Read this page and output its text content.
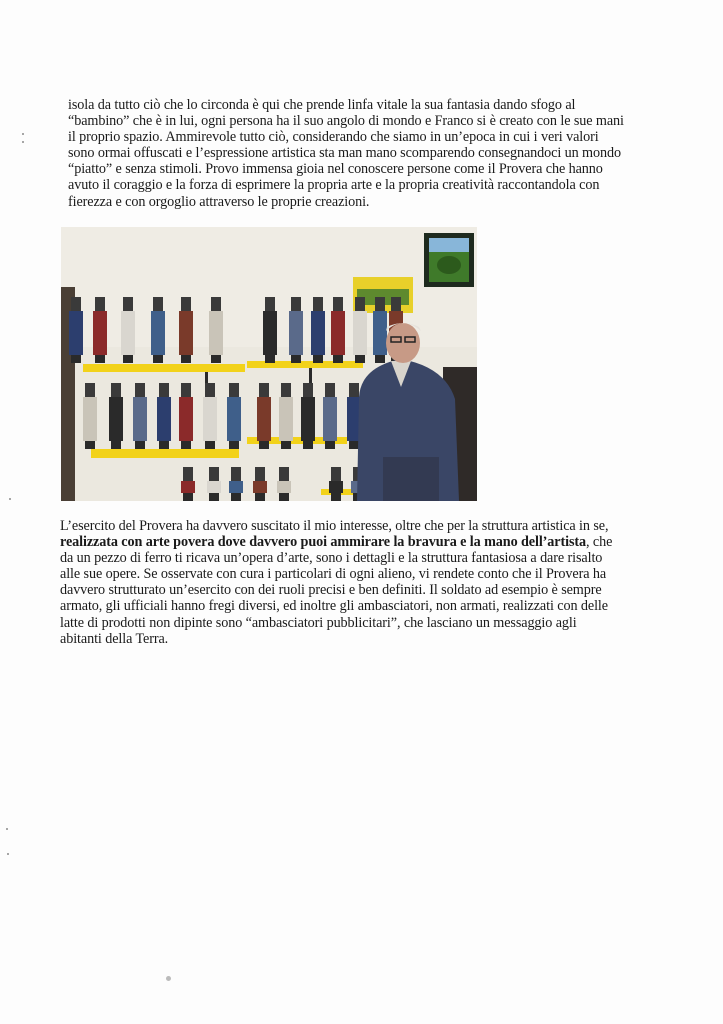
isola da tutto ciò che lo circonda è qui che prende linfa vitale la sua fantasia dando sfogo al
“bambino” che è in lui, ogni persona ha il suo angolo di mondo e Franco si è creato con le sue mani
il proprio spazio. Ammirevole tutto ciò, considerando che siamo in un’epoca in cui i veri valori
sono ormai offuscati e l’espressione artistica sta man mano scomparendo consegnandoci un mondo
“piatto” e senza stimoli. Provo immensa gioia nel conoscere persone come il Provera che hanno
avuto il coraggio e la forza di esprimere la propria arte e la propria creatività raccontandola con
fierezza e con orgoglio attraverso le proprie creazioni.
L’esercito del Provera ha davvero suscitato il mio interesse, oltre che per la struttura artistica in se,
realizzata con arte povera dove davvero puoi ammirare la bravura e la mano dell’artista, che
da un pezzo di ferro ti ricava un’opera d’arte, sono i dettagli e la struttura fantasiosa a dare risalto
alle sue opere. Se osservate con cura i particolari di ogni alieno, vi rendete conto che il Provera ha
davvero strutturato un’esercito con dei ruoli precisi e ben definiti. Il soldato ad esempio è sempre
armato, gli ufficiali hanno fregi diversi, ed inoltre gli ambasciatori, non armati, realizzati con delle
latte di prodotti non dipinte sono “ambasciatori pubblicitari”, che lasciano un messaggio agli
abitanti della Terra.
